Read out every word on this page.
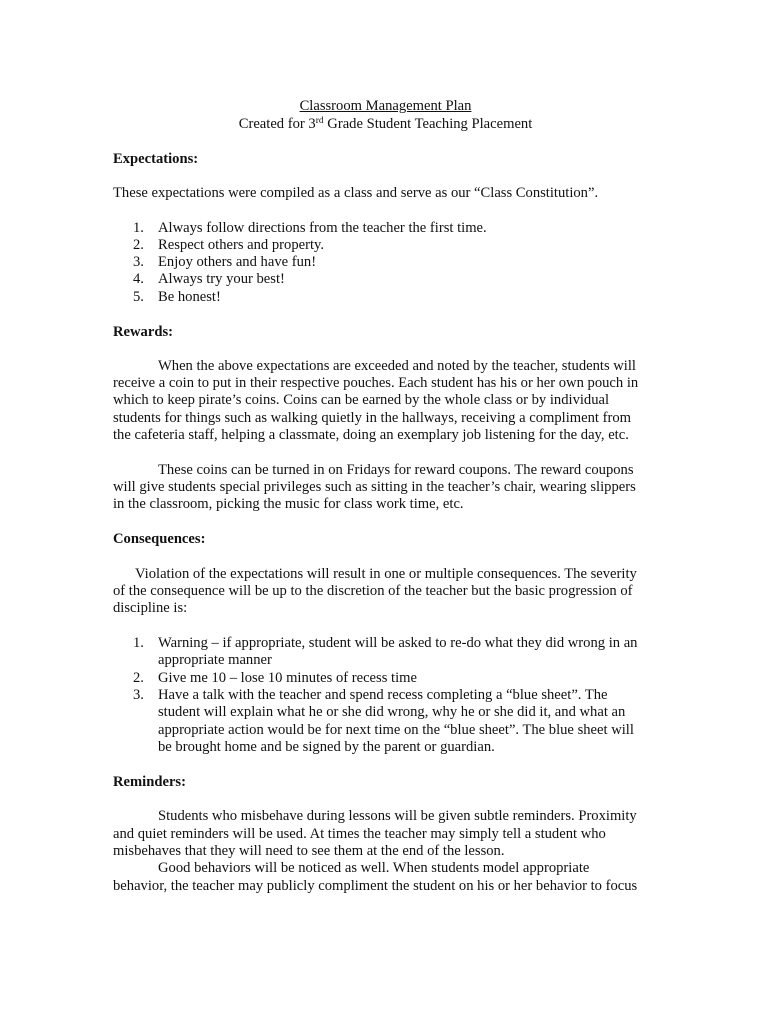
Classroom Management Plan
Created for 3rd Grade Student Teaching Placement
Expectations:
These expectations were compiled as a class and serve as our “Class Constitution”.
1. Always follow directions from the teacher the first time.
2. Respect others and property.
3. Enjoy others and have fun!
4. Always try your best!
5. Be honest!
Rewards:
When the above expectations are exceeded and noted by the teacher, students will
receive a coin to put in their respective pouches. Each student has his or her own pouch in
which to keep pirate’s coins. Coins can be earned by the whole class or by individual
students for things such as walking quietly in the hallways, receiving a compliment from
the cafeteria staff, helping a classmate, doing an exemplary job listening for the day, etc.
These coins can be turned in on Fridays for reward coupons. The reward coupons
will give students special privileges such as sitting in the teacher’s chair, wearing slippers
in the classroom, picking the music for class work time, etc.
Consequences:
Violation of the expectations will result in one or multiple consequences. The severity
of the consequence will be up to the discretion of the teacher but the basic progression of
discipline is:
1. Warning – if appropriate, student will be asked to re-do what they did wrong in an
appropriate manner
2. Give me 10 – lose 10 minutes of recess time
3. Have a talk with the teacher and spend recess completing a “blue sheet”. The
student will explain what he or she did wrong, why he or she did it, and what an
appropriate action would be for next time on the “blue sheet”. The blue sheet will
be brought home and be signed by the parent or guardian.
Reminders:
Students who misbehave during lessons will be given subtle reminders. Proximity
and quiet reminders will be used. At times the teacher may simply tell a student who
misbehaves that they will need to see them at the end of the lesson.
Good behaviors will be noticed as well. When students model appropriate
behavior, the teacher may publicly compliment the student on his or her behavior to focus
